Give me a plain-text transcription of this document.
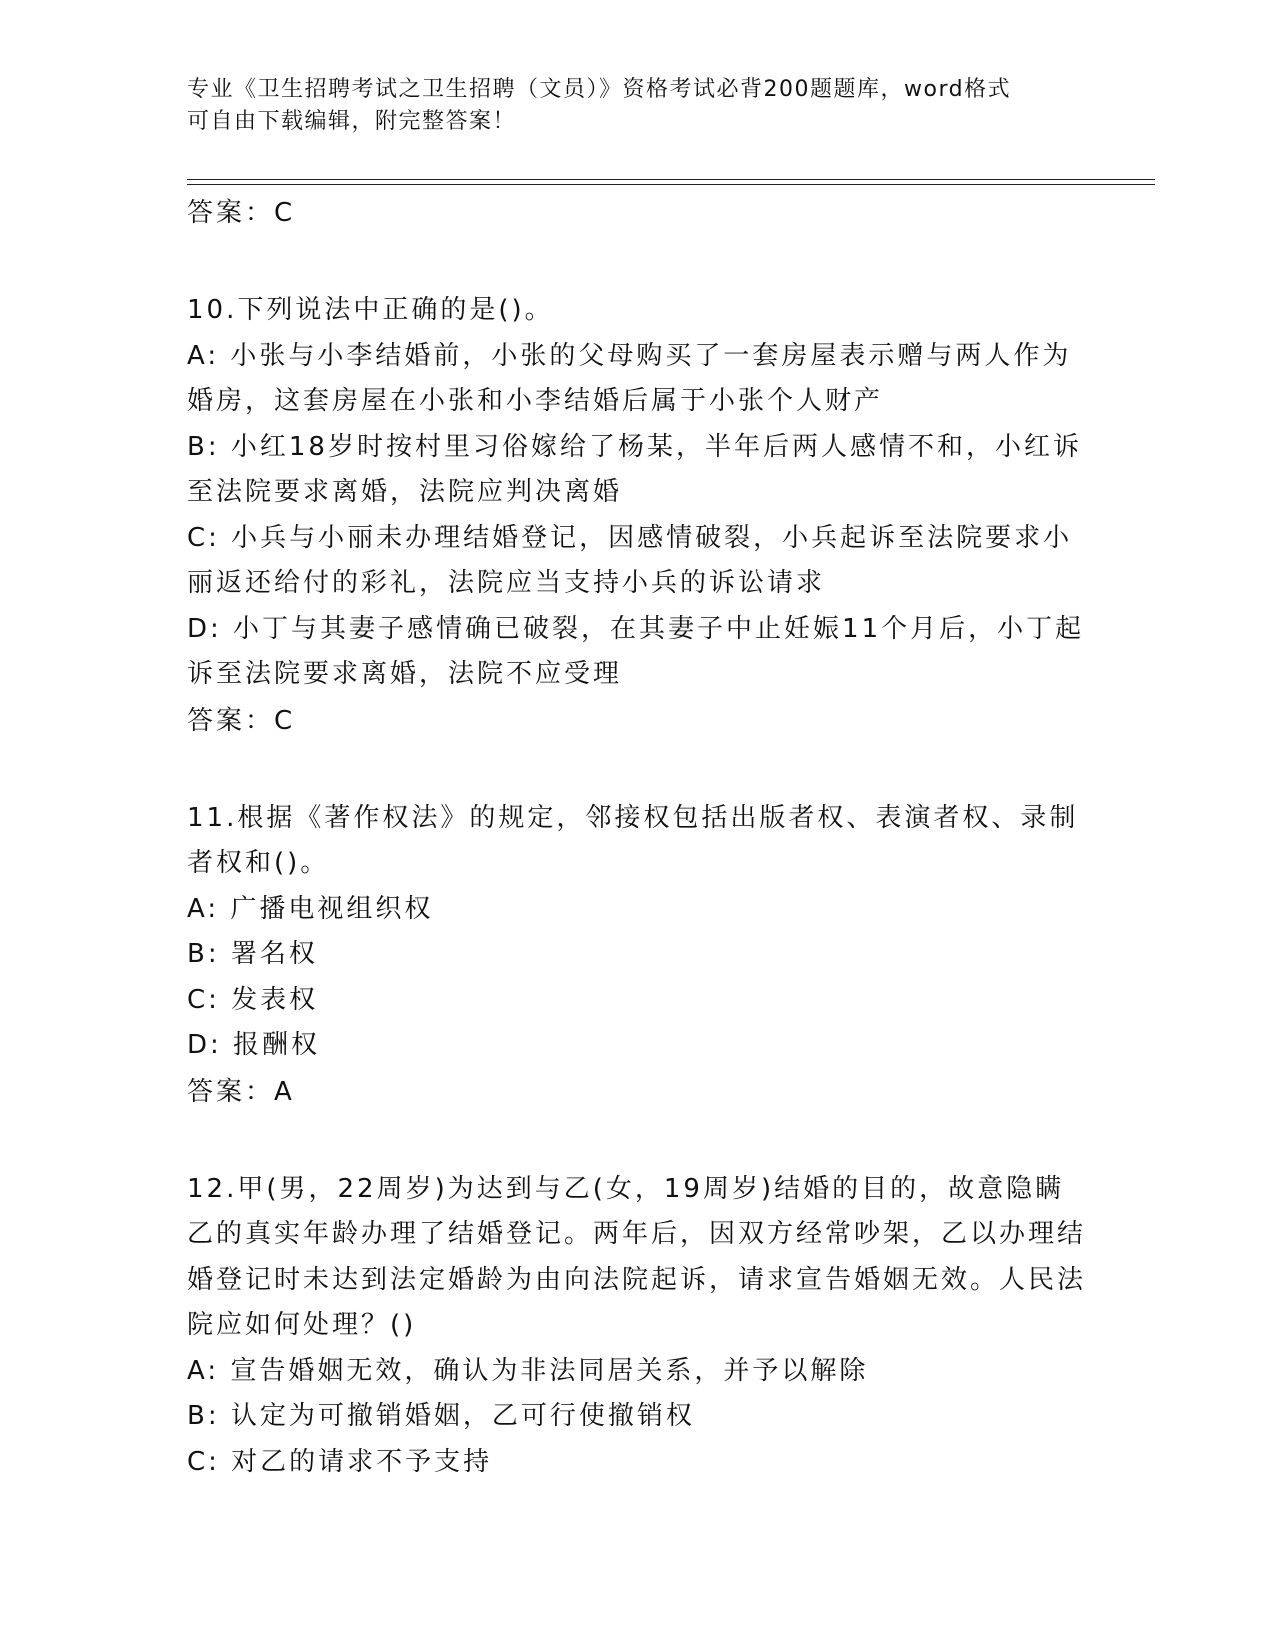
专业《卫生招聘考试之卫生招聘（文员）》资格考试必背200题题库，word格式
可自由下载编辑，附完整答案！
答案：C
10.下列说法中正确的是()。
A: 小张与小李结婚前，小张的父母购买了一套房屋表示赠与两人作为婚房，这套房屋在小张和小李结婚后属于小张个人财产
B: 小红18岁时按村里习俗嫁给了杨某，半年后两人感情不和，小红诉至法院要求离婚，法院应判决离婚
C: 小兵与小丽未办理结婚登记，因感情破裂，小兵起诉至法院要求小丽返还给付的彩礼，法院应当支持小兵的诉讼请求
D: 小丁与其妻子感情确已破裂，在其妻子中止妊娠11个月后，小丁起诉至法院要求离婚，法院不应受理
答案：C
11.根据《著作权法》的规定，邻接权包括出版者权、表演者权、录制者权和()。
A: 广播电视组织权
B: 署名权
C: 发表权
D: 报酬权
答案：A
12.甲(男，22周岁)为达到与乙(女，19周岁)结婚的目的，故意隐瞒乙的真实年龄办理了结婚登记。两年后，因双方经常吵架，乙以办理结婚登记时未达到法定婚龄为由向法院起诉，请求宣告婚姻无效。人民法院应如何处理？()
A: 宣告婚姻无效，确认为非法同居关系，并予以解除
B: 认定为可撤销婚姻，乙可行使撤销权
C: 对乙的请求不予支持
